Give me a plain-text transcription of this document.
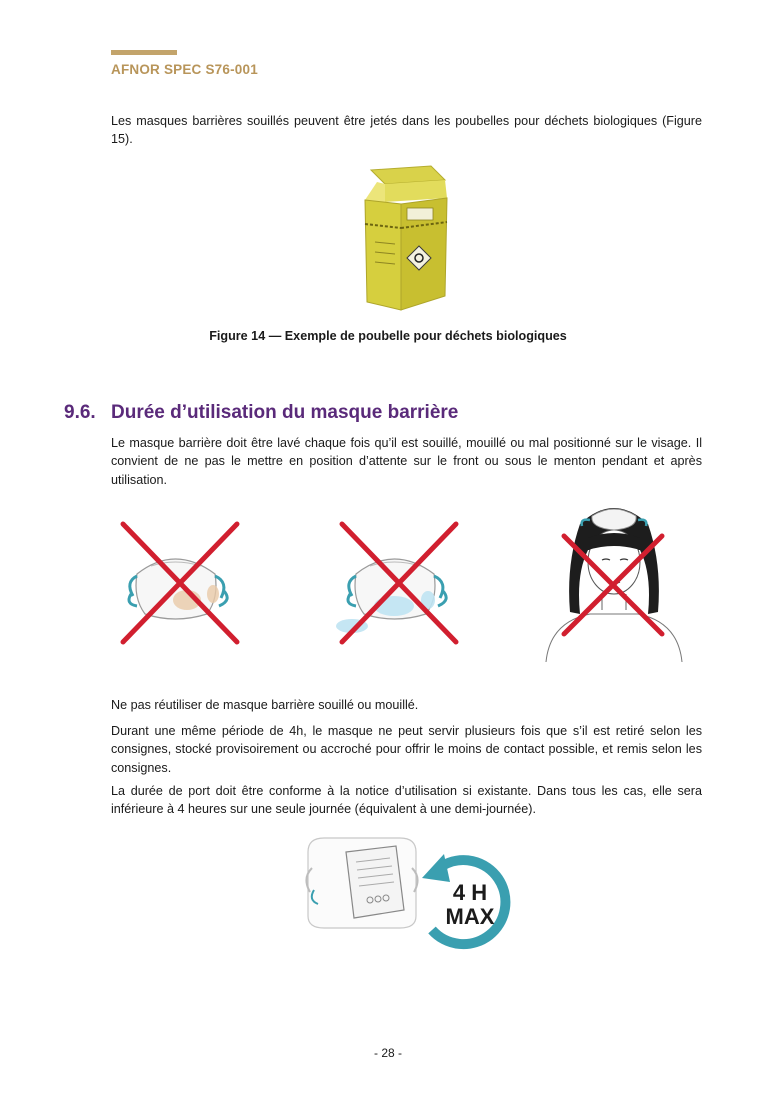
AFNOR SPEC S76-001

Les masques barrières souillés peuvent être jetés dans les poubelles pour déchets biologiques (Figure 15).

Figure 14 — Exemple de poubelle pour déchets biologiques
9.6. Durée d’utilisation du masque barrière

Le masque barrière doit être lavé chaque fois qu’il est souillé, mouillé ou mal positionné sur le visage. Il convient de ne pas le mettre en position d’attente sur le front ou sous le menton pendant et après utilisation.

Ne pas réutiliser de masque barrière souillé ou mouillé.

Durant une même période de 4h, le masque ne peut servir plusieurs fois que s’il est retiré selon les consignes, stocké provisoirement ou accroché pour offrir le moins de contact possible, et remis selon les consignes.

La durée de port doit être conforme à la notice d’utilisation si existante. Dans tous les cas, elle sera inférieure à 4 heures sur une seule journée (équivalent à une demi-journée).

4 H
MAX
- 28 -
